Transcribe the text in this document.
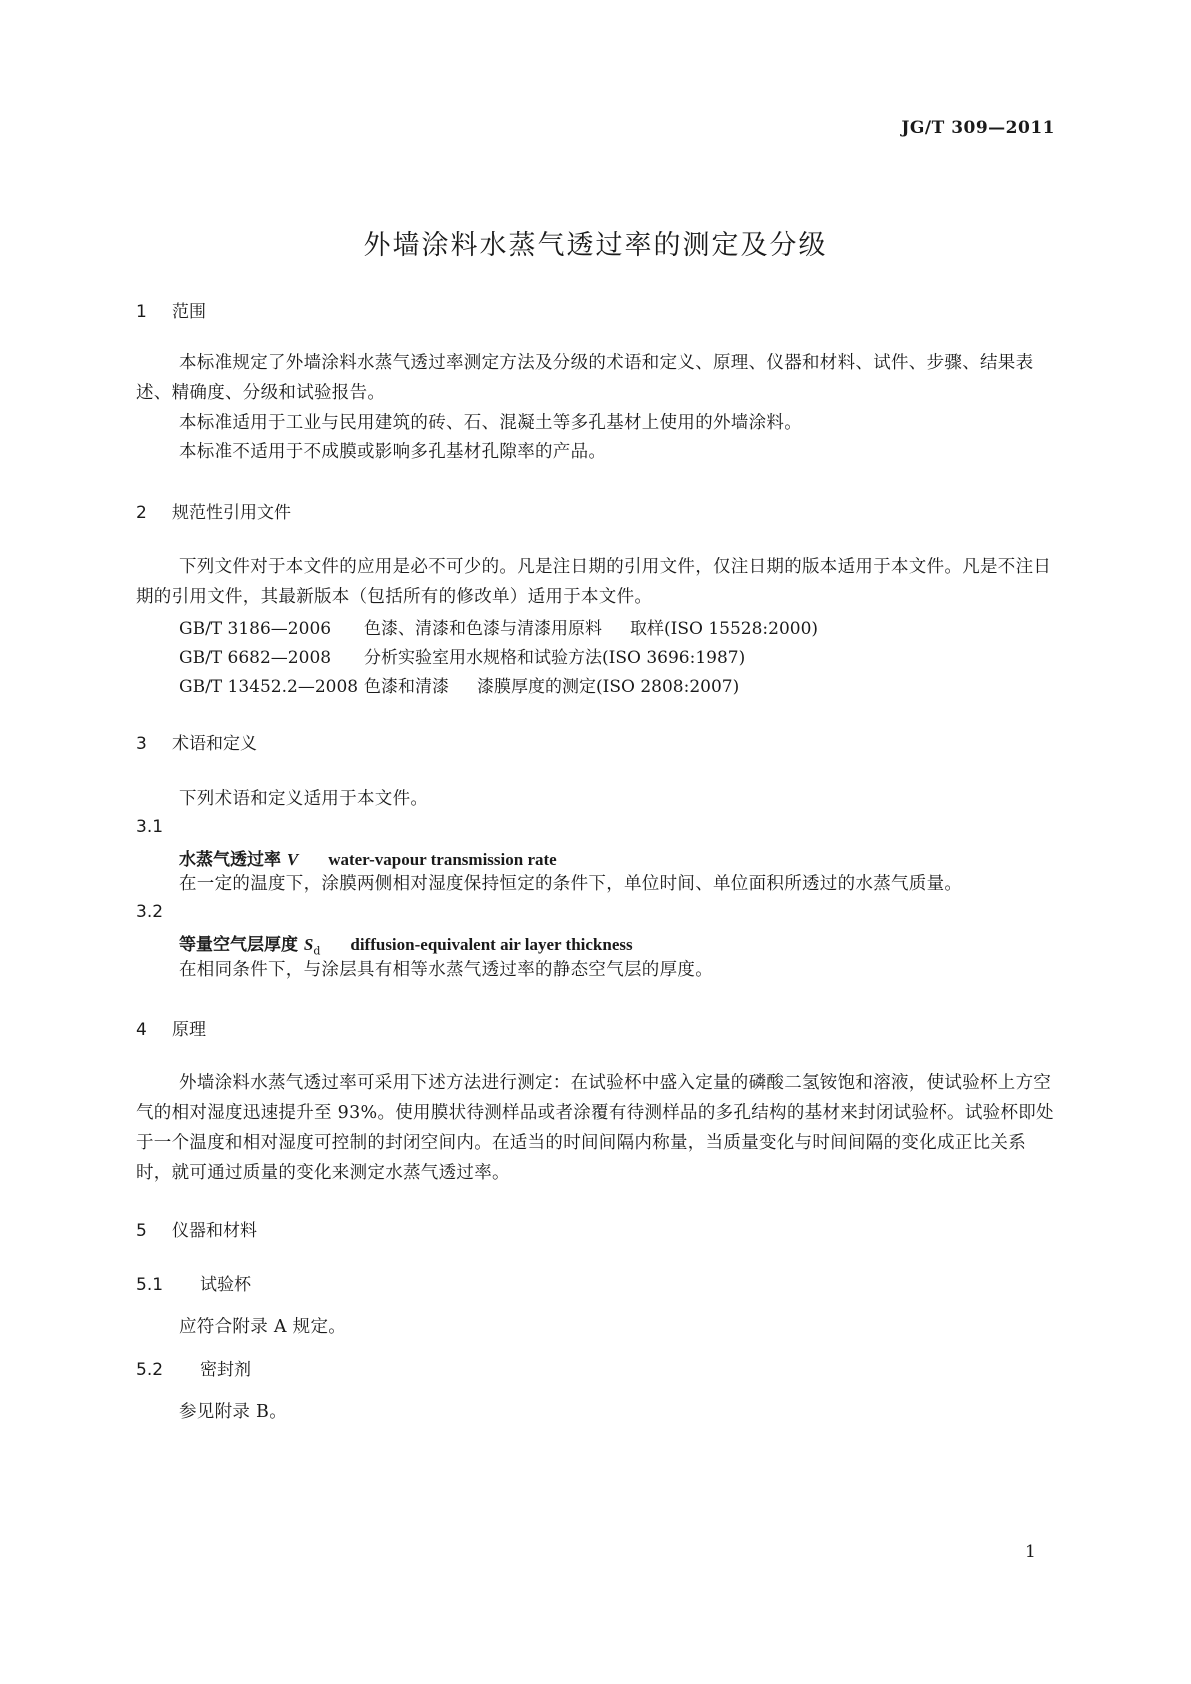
JG/T 309—2011
外墙涂料水蒸气透过率的测定及分级
1 范围
本标准规定了外墙涂料水蒸气透过率测定方法及分级的术语和定义、原理、仪器和材料、试件、步骤、结果表述、精确度、分级和试验报告。
本标准适用于工业与民用建筑的砖、石、混凝土等多孔基材上使用的外墙涂料。
本标准不适用于不成膜或影响多孔基材孔隙率的产品。
2 规范性引用文件
下列文件对于本文件的应用是必不可少的。凡是注日期的引用文件，仅注日期的版本适用于本文件。凡是不注日期的引用文件，其最新版本（包括所有的修改单）适用于本文件。
GB/T 3186—2006 色漆、清漆和色漆与清漆用原料 取样(ISO 15528:2000)
GB/T 6682—2008 分析实验室用水规格和试验方法(ISO 3696:1987)
GB/T 13452.2—2008 色漆和清漆 漆膜厚度的测定(ISO 2808:2007)
3 术语和定义
下列术语和定义适用于本文件。
3.1
水蒸气透过率 V water-vapour transmission rate
在一定的温度下，涂膜两侧相对湿度保持恒定的条件下，单位时间、单位面积所透过的水蒸气质量。
3.2
等量空气层厚度 $S_d$ diffusion-equivalent air layer thickness
在相同条件下，与涂层具有相等水蒸气透过率的静态空气层的厚度。
4 原理
外墙涂料水蒸气透过率可采用下述方法进行测定：在试验杯中盛入定量的磷酸二氢铵饱和溶液，使试验杯上方空气的相对湿度迅速提升至 93%。使用膜状待测样品或者涂覆有待测样品的多孔结构的基材来封闭试验杯。试验杯即处于一个温度和相对湿度可控制的封闭空间内。在适当的时间间隔内称量，当质量变化与时间间隔的变化成正比关系时，就可通过质量的变化来测定水蒸气透过率。
5 仪器和材料
5.1 试验杯
应符合附录 A 规定。
5.2 密封剂
参见附录 B。
1
